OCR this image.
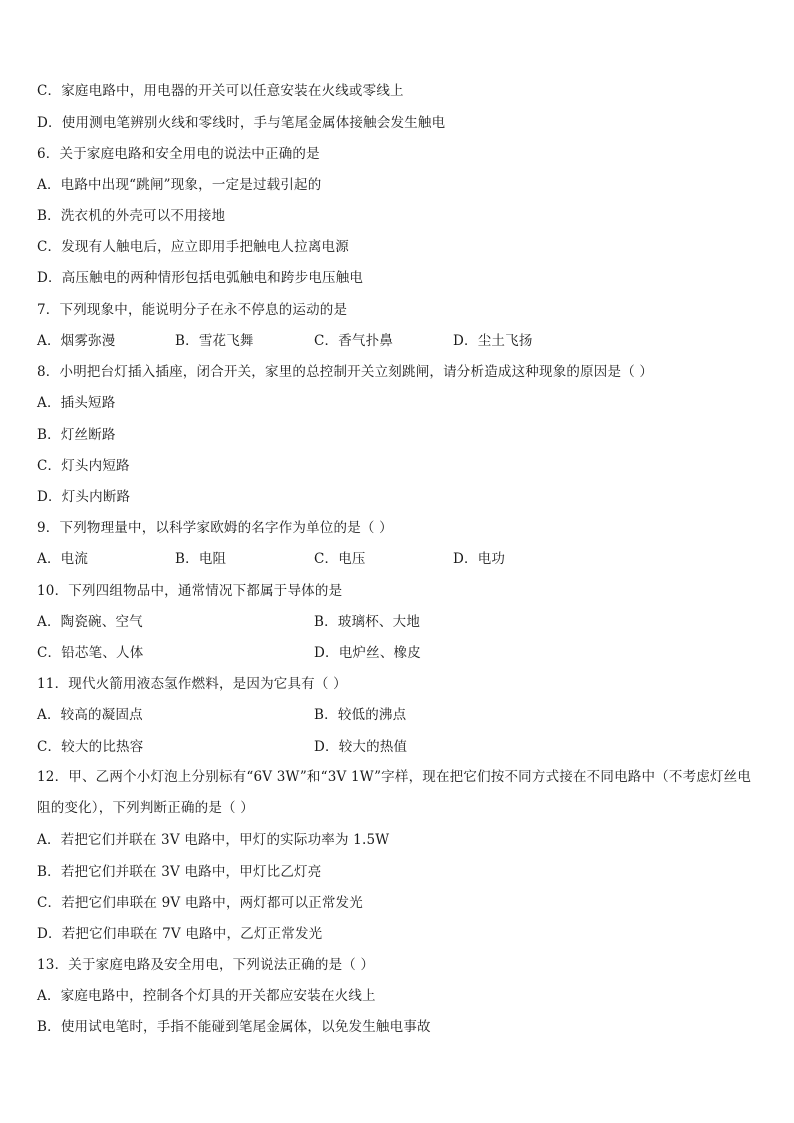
C．家庭电路中，用电器的开关可以任意安装在火线或零线上
D．使用测电笔辨别火线和零线时，手与笔尾金属体接触会发生触电
6．关于家庭电路和安全用电的说法中正确的是
A．电路中出现“跳闸”现象，一定是过载引起的
B．洗衣机的外壳可以不用接地
C．发现有人触电后，应立即用手把触电人拉离电源
D．高压触电的两种情形包括电弧触电和跨步电压触电
7．下列现象中，能说明分子在永不停息的运动的是
A．烟雾弥漫	B．雪花飞舞	C．香气扑鼻	D．尘土飞扬
8．小明把台灯插入插座，闭合开关，家里的总控制开关立刻跳闸，请分析造成这种现象的原因是（ ）
A．插头短路
B．灯丝断路
C．灯头内短路
D．灯头内断路
9．下列物理量中，以科学家欧姆的名字作为单位的是（ ）
A．电流	B．电阻	C．电压	D．电功
10．下列四组物品中，通常情况下都属于导体的是
A．陶瓷碗、空气	B．玻璃杯、大地
C．铅芯笔、人体	D．电炉丝、橡皮
11．现代火箭用液态氢作燃料，是因为它具有（ ）
A．较高的凝固点	B．较低的沸点
C．较大的比热容	D．较大的热值
12．甲、乙两个小灯泡上分别标有“6V 3W”和“3V 1W”字样，现在把它们按不同方式接在不同电路中（不考虑灯丝电阻的变化），下列判断正确的是（ ）
A．若把它们并联在 3V 电路中，甲灯的实际功率为 1.5W
B．若把它们并联在 3V 电路中，甲灯比乙灯亮
C．若把它们串联在 9V 电路中，两灯都可以正常发光
D．若把它们串联在 7V 电路中，乙灯正常发光
13．关于家庭电路及安全用电，下列说法正确的是（ ）
A．家庭电路中，控制各个灯具的开关都应安装在火线上
B．使用试电笔时，手指不能碰到笔尾金属体，以免发生触电事故
